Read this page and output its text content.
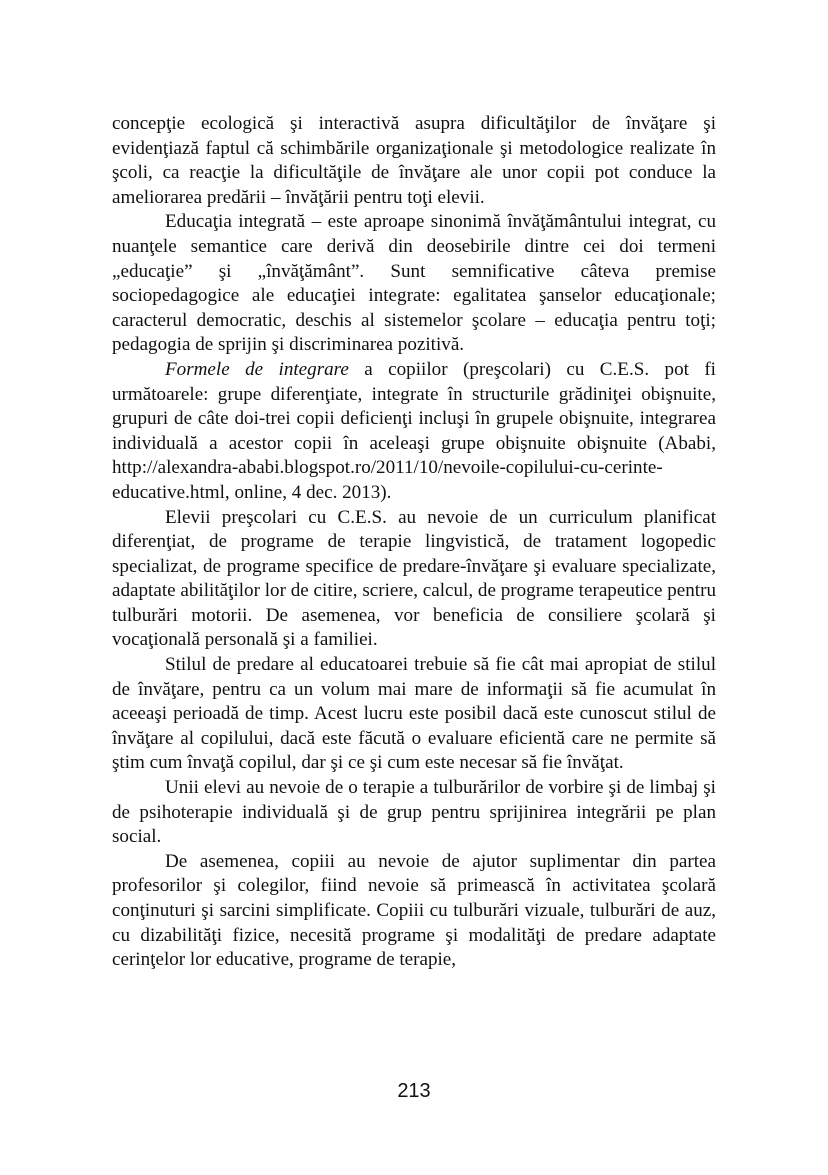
concepţie ecologică şi interactivă asupra dificultăţilor de învăţare şi evidenţiază faptul că schimbările organizaţionale şi metodologice realizate în şcoli, ca reacţie la dificultăţile de învăţare ale unor copii pot conduce la ameliorarea predării – învăţării pentru toţi elevii.

Educaţia integrată – este aproape sinonimă învăţământului integrat, cu nuanţele semantice care derivă din deosebirile dintre cei doi termeni „educaţie” şi „învăţământ”. Sunt semnificative câteva premise sociopedagogice ale educaţiei integrate: egalitatea şanselor educaţionale; caracterul democratic, deschis al sistemelor şcolare – educaţia pentru toţi; pedagogia de sprijin şi discriminarea pozitivă.

Formele de integrare a copiilor (preşcolari) cu C.E.S. pot fi următoarele: grupe diferenţiate, integrate în structurile grădiniţei obişnuite, grupuri de câte doi-trei copii deficienţi incluşi în grupele obişnuite, integrarea individuală a acestor copii în aceleaşi grupe obişnuite obişnuite (Ababi, http://alexandra-ababi.blogspot.ro/2011/10/nevoile-copilului-cu-cerinte-educative.html, online, 4 dec. 2013).

Elevii preşcolari cu C.E.S. au nevoie de un curriculum planificat diferenţiat, de programe de terapie lingvistică, de tratament logopedic specializat, de programe specifice de predare-învăţare şi evaluare specializate, adaptate abilităţilor lor de citire, scriere, calcul, de programe terapeutice pentru tulburări motorii. De asemenea, vor beneficia de consiliere şcolară şi vocaţională personală şi a familiei.

Stilul de predare al educatoarei trebuie să fie cât mai apropiat de stilul de învăţare, pentru ca un volum mai mare de informaţii să fie acumulat în aceeaşi perioadă de timp. Acest lucru este posibil dacă este cunoscut stilul de învăţare al copilului, dacă este făcută o evaluare eficientă care ne permite să ştim cum învaţă copilul, dar şi ce şi cum este necesar să fie învăţat.

Unii elevi au nevoie de o terapie a tulburărilor de vorbire şi de limbaj şi de psihoterapie individuală şi de grup pentru sprijinirea integrării pe plan social.

De asemenea, copiii au nevoie de ajutor suplimentar din partea profesorilor şi colegilor, fiind nevoie să primească în activitatea şcolară conţinuturi şi sarcini simplificate. Copiii cu tulburări vizuale, tulburări de auz, cu dizabilităţi fizice, necesită programe şi modalităţi de predare adaptate cerinţelor lor educative, programe de terapie,

213
